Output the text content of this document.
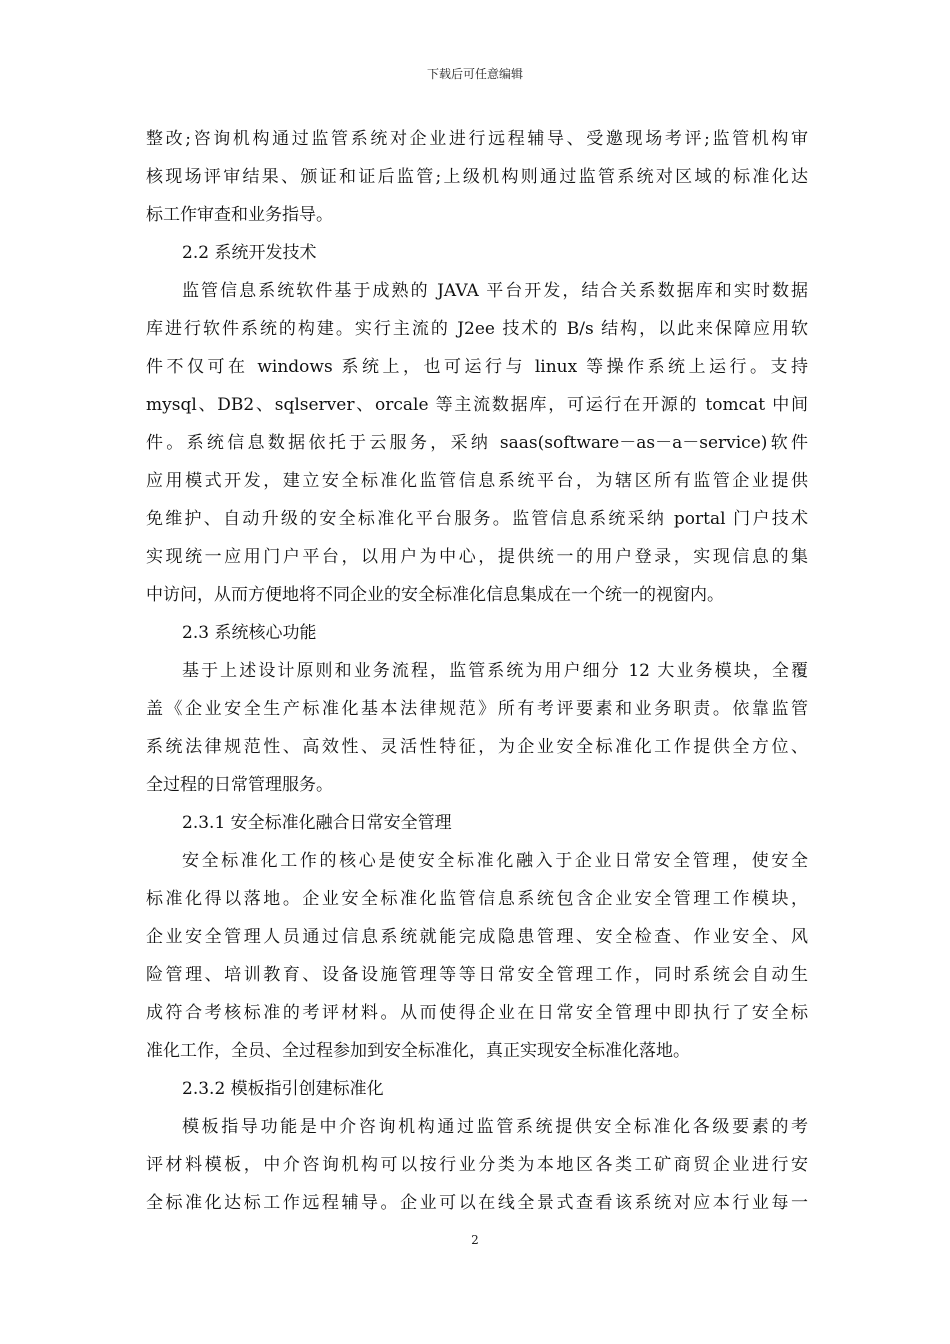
下载后可任意编辑
整改;咨询机构通过监管系统对企业进行远程辅导、受邀现场考评;监管机构审
核现场评审结果、颁证和证后监管;上级机构则通过监管系统对区域的标准化达
标工作审查和业务指导。
2.2 系统开发技术
监管信息系统软件基于成熟的 JAVA 平台开发，结合关系数据库和实时数据
库进行软件系统的构建。实行主流的 J2ee 技术的 B/s 结构，以此来保障应用软
件不仅可在 windows 系统上，也可运行与 linux 等操作系统上运行。支持
mysql、DB2、sqlserver、orcale 等主流数据库，可运行在开源的 tomcat 中间
件。系统信息数据依托于云服务，采纳 saas(software－as－a－service)软件
应用模式开发，建立安全标准化监管信息系统平台，为辖区所有监管企业提供
免维护、自动升级的安全标准化平台服务。监管信息系统采纳 portal 门户技术
实现统一应用门户平台，以用户为中心，提供统一的用户登录，实现信息的集
中访问，从而方便地将不同企业的安全标准化信息集成在一个统一的视窗内。
2.3 系统核心功能
基于上述设计原则和业务流程，监管系统为用户细分 12 大业务模块，全覆
盖《企业安全生产标准化基本法律规范》所有考评要素和业务职责。依靠监管
系统法律规范性、高效性、灵活性特征，为企业安全标准化工作提供全方位、
全过程的日常管理服务。
2.3.1 安全标准化融合日常安全管理
安全标准化工作的核心是使安全标准化融入于企业日常安全管理，使安全
标准化得以落地。企业安全标准化监管信息系统包含企业安全管理工作模块，
企业安全管理人员通过信息系统就能完成隐患管理、安全检查、作业安全、风
险管理、培训教育、设备设施管理等等日常安全管理工作，同时系统会自动生
成符合考核标准的考评材料。从而使得企业在日常安全管理中即执行了安全标
准化工作，全员、全过程参加到安全标准化，真正实现安全标准化落地。
2.3.2 模板指引创建标准化
模板指导功能是中介咨询机构通过监管系统提供安全标准化各级要素的考
评材料模板，中介咨询机构可以按行业分类为本地区各类工矿商贸企业进行安
全标准化达标工作远程辅导。企业可以在线全景式查看该系统对应本行业每一
2
